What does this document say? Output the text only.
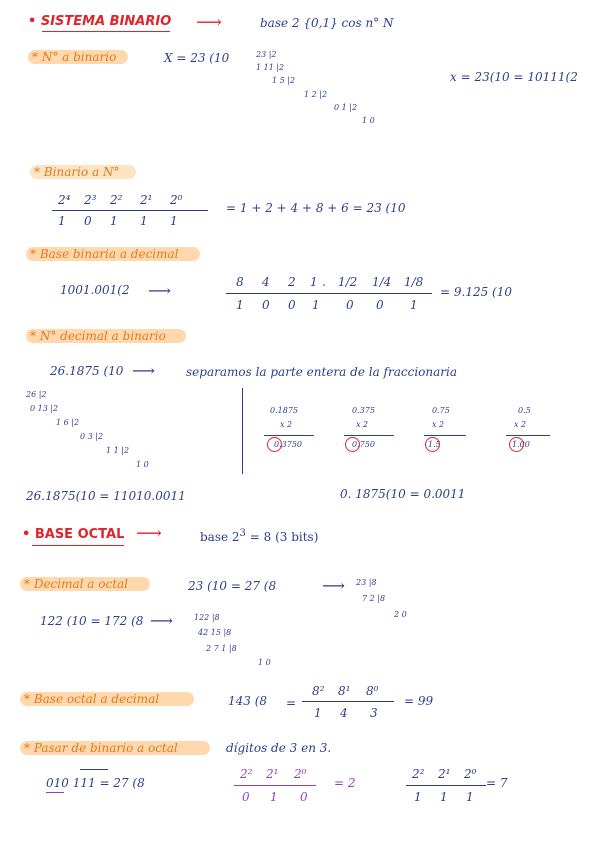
• SISTEMA BINARIO ⟶	base 2 {0,1} cos n° N
* N° a binario	X = 23 (10	23 |2
1 11 |2
1 5 |2
1 2 |2
0 1 |2
1 0
x = 23(10 = 10111(2
* Binario a N°
2⁴ 2³ 2² 2¹ 2⁰
1 0 1 1 1
= 1 + 2 + 4 + 8 + 6 = 23 (10
* Base binaria a decimal
1001.001(2 ⟶	8 4 2 1 . 1/2 1/4 1/8
1 0 0 1 0 0 1
= 9.125 (10
* N° decimal a binario
26.1875 (10 ⟶	separamos la parte entera de la fraccionaria
26 |2
0 13 |2
1 6 |2
0 3 |2
1 1 |2
1 0
0.1875
x 2
0.3750
0.375
x 2
0.750
0.75
x 2
1.5
0.5
x 2
1.00
26.1875(10 = 11010.0011	0. 1875(10 = 0.0011
• BASE OCTAL ⟶	base $2^3 = 8$ (3 bits)
* Decimal a octal	23 (10 = 27 (8	⟶ 23 |8
7 2 |8
2 0
122 (10 = 172 (8 ⟶	122 |8
42 15 |8
2 7 1 |8
1 0
* Base octal a decimal	143 (8 =
8² 8¹ 8⁰
1 4 3
= 99
* Pasar de binario a octal	dígitos de 3 en 3.
010 111 = 27 (8
2² 2¹ 2⁰
0 1 0
= 2
2² 2¹ 2⁰
1 1 1
= 7
